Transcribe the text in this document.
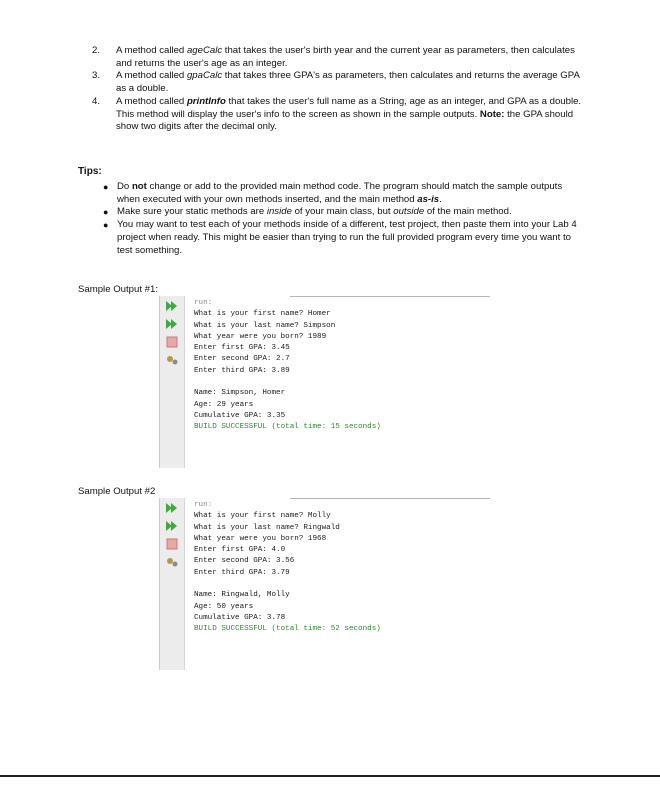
2.	A method called ageCalc that takes the user's birth year and the current year as parameters, then calculates and returns the user's age as an integer.
3.	A method called gpaCalc that takes three GPA's as parameters, then calculates and returns the average GPA as a double.
4.	A method called printInfo that takes the user's full name as a String, age as an integer, and GPA as a double. This method will display the user's info to the screen as shown in the sample outputs. Note: the GPA should show two digits after the decimal only.
Tips:
● Do not change or add to the provided main method code. The program should match the sample outputs when executed with your own methods inserted, and the main method as-is.
● Make sure your static methods are inside of your main class, but outside of the main method.
● You may want to test each of your methods inside of a different, test project, then paste them into your Lab 4 project when ready. This might be easier than trying to run the full provided program every time you want to test something.
Sample Output #1:
run:
What is your first name? Homer
What is your last name? Simpson
What year were you born? 1989
Enter first GPA: 3.45
Enter second GPA: 2.7
Enter third GPA: 3.89

Name: Simpson, Homer
Age: 29 years
Cumulative GPA: 3.35
BUILD SUCCESSFUL (total time: 15 seconds)
Sample Output #2
run:
What is your first name? Molly
What is your last name? Ringwald
What year were you born? 1968
Enter first GPA: 4.0
Enter second GPA: 3.56
Enter third GPA: 3.79

Name: Ringwald, Molly
Age: 50 years
Cumulative GPA: 3.78
BUILD SUCCESSFUL (total time: 52 seconds)
